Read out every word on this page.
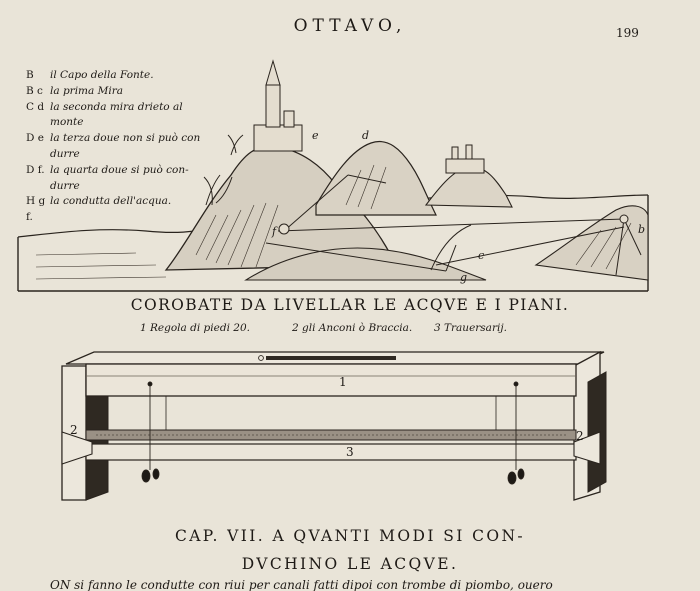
OTTAVO,	199
B	il Capo della Fonte.
B c la prima Mira
C d la seconda mira drieto al
monte
D e la terza doue non si può con
durre
D f. la quarta doue si può con-
durre
H g f.
la condutta dell'acqua.
b
c
d
e
f
g
COROBATE DA LIVELLAR LE ACQVE E I PIANI.
1 Regola di piedi 20.	2 gli Anconi ò Braccia. 3 Trauersarij.
1
2	2
3
CAP. VII. A QVANTI MODI SI CON-
DVCHINO LE ACQVE.
ON si fanno le condutte con riui per canali fatti dipoi con trombe di piombo, ouero
